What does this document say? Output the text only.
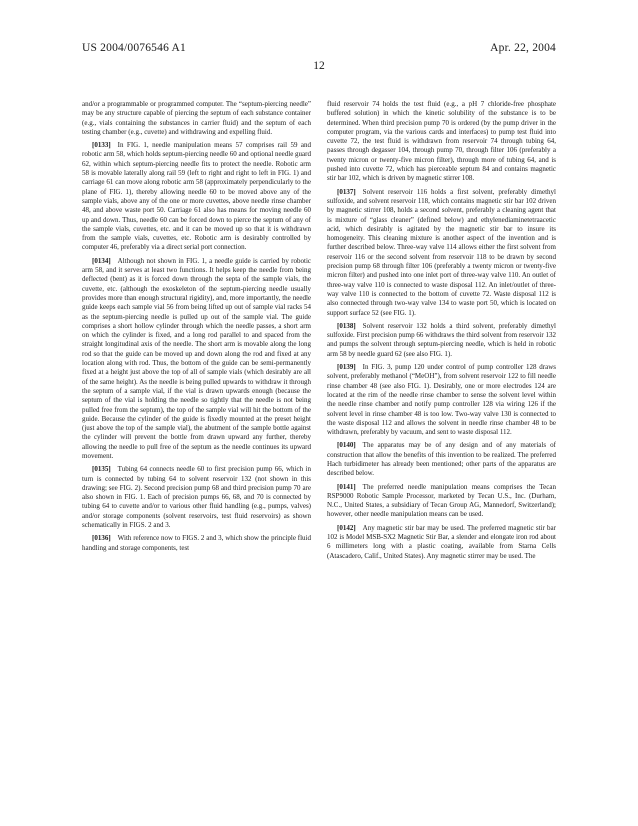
US 2004/0076546 A1	Apr. 22, 2004
12

and/or a programmable or programmed computer. The “septum-piercing needle” may be any structure capable of piercing the septum of each substance container (e.g., vials containing the substances in carrier fluid) and the septum of each testing chamber (e.g., cuvette) and withdrawing and expelling fluid.

[0133]  In FIG. 1, needle manipulation means 57 comprises rail 59 and robotic arm 58, which holds septum-piercing needle 60 and optional needle guard 62, within which septum-piercing needle fits to protect the needle. Robotic arm 58 is movable laterally along rail 59 (left to right and right to left in FIG. 1) and carriage 61 can move along robotic arm 58 (approximately perpendicularly to the plane of FIG. 1), thereby allowing needle 60 to be moved above any of the sample vials, above any of the one or more cuvettes, above needle rinse chamber 48, and above waste port 50. Carriage 61 also has means for moving needle 60 up and down. Thus, needle 60 can be forced down to pierce the septum of any of the sample vials, cuvettes, etc. and it can be moved up so that it is withdrawn from the sample vials, cuvettes, etc. Robotic arm is desirably controlled by computer 46, preferably via a direct serial port connection.

[0134]  Although not shown in FIG. 1, a needle guide is carried by robotic arm 58, and it serves at least two functions. It helps keep the needle from being deflected (bent) as it is forced down through the septa of the sample vials, the cuvette, etc. (although the exoskeleton of the septum-piercing needle usually provides more than enough structural rigidity), and, more importantly, the needle guide keeps each sample vial 56 from being lifted up out of sample vial racks 54 as the septum-piercing needle is pulled up out of the sample vial. The guide comprises a short hollow cylinder through which the needle passes, a short arm on which the cylinder is fixed, and a long rod parallel to and spaced from the straight longitudinal axis of the needle. The short arm is movable along the long rod so that the guide can be moved up and down along the rod and fixed at any location along with rod. Thus, the bottom of the guide can be semi-permanently fixed at a height just above the top of all of sample vials (which desirably are all of the same height). As the needle is being pulled upwards to withdraw it through the septum of a sample vial, if the vial is drawn upwards enough (because the septum of the vial is holding the needle so tightly that the needle is not being pulled free from the septum), the top of the sample vial will hit the bottom of the guide. Because the cylinder of the guide is fixedly mounted at the preset height (just above the top of the sample vial), the abutment of the sample bottle against the cylinder will prevent the bottle from drawn upward any further, thereby allowing the needle to pull free of the septum as the needle continues its upward movement.

[0135]  Tubing 64 connects needle 60 to first precision pump 66, which in turn is connected by tubing 64 to solvent reservoir 132 (not shown in this drawing; see FIG. 2). Second precision pump 68 and third precision pump 70 are also shown in FIG. 1. Each of precision pumps 66, 68, and 70 is connected by tubing 64 to cuvette and/or to various other fluid handling (e.g., pumps, valves) and/or storage components (solvent reservoirs, test fluid reservoirs) as shown schematically in FIGS. 2 and 3.

[0136]  With reference now to FIGS. 2 and 3, which show the principle fluid handling and storage components, test

fluid reservoir 74 holds the test fluid (e.g., a pH 7 chloride-free phosphate buffered solution) in which the kinetic solubility of the substance is to be determined. When third precision pump 70 is ordered (by the pump driver in the computer program, via the various cards and interfaces) to pump test fluid into cuvette 72, the test fluid is withdrawn from reservoir 74 through tubing 64, passes through degasser 104, through pump 70, through filter 106 (preferably a twenty micron or twenty-five micron filter), through more of tubing 64, and is pushed into cuvette 72, which has pierceable septum 84 and contains magnetic stir bar 102, which is driven by magnetic stirrer 108.

[0137]  Solvent reservoir 116 holds a first solvent, preferably dimethyl sulfoxide, and solvent reservoir 118, which contains magnetic stir bar 102 driven by magnetic stirrer 108, holds a second solvent, preferably a cleaning agent that is mixture of “glass cleaner” (defined below) and ethylenediaminetetraacetic acid, which desirably is agitated by the magnetic stir bar to insure its homogeneity. This cleaning mixture is another aspect of the invention and is further described below. Three-way valve 114 allows either the first solvent from reservoir 116 or the second solvent from reservoir 118 to be drawn by second precision pump 68 through filter 106 (preferably a twenty micron or twenty-five micron filter) and pushed into one inlet port of three-way valve 110. An outlet of three-way valve 110 is connected to waste disposal 112. An inlet/outlet of three-way valve 110 is connected to the bottom of cuvette 72. Waste disposal 112 is also connected through two-way valve 134 to waste port 50, which is located on support surface 52 (see FIG. 1).

[0138]  Solvent reservoir 132 holds a third solvent, preferably dimethyl sulfoxide. First precision pump 66 withdraws the third solvent from reservoir 132 and pumps the solvent through septum-piercing needle, which is held in robotic arm 58 by needle guard 62 (see also FIG. 1).

[0139]  In FIG. 3, pump 120 under control of pump controller 128 draws solvent, preferably methanol (“MeOH”), from solvent reservoir 122 to fill needle rinse chamber 48 (see also FIG. 1). Desirably, one or more electrodes 124 are located at the rim of the needle rinse chamber to sense the solvent level within the needle rinse chamber and notify pump controller 128 via wiring 126 if the solvent level in rinse chamber 48 is too low. Two-way valve 130 is connected to the waste disposal 112 and allows the solvent in needle rinse chamber 48 to be withdrawn, preferably by vacuum, and sent to waste disposal 112.

[0140]  The apparatus may be of any design and of any materials of construction that allow the benefits of this invention to be realized. The preferred Hach turbidimeter has already been mentioned; other parts of the apparatus are described below.

[0141]  The preferred needle manipulation means comprises the Tecan RSP9000 Robotic Sample Processor, marketed by Tecan U.S., Inc. (Durham, N.C., United States, a subsidiary of Tecan Group AG, Mannedorf, Switzerland); however, other needle manipulation means can be used.

[0142]  Any magnetic stir bar may be used. The preferred magnetic stir bar 102 is Model MSB-SX2 Magnetic Stir Bar, a slender and elongate iron rod about 6 millimeters long with a plastic coating, available from Starna Cells (Atascadero, Calif., United States). Any magnetic stirrer may be used. The
